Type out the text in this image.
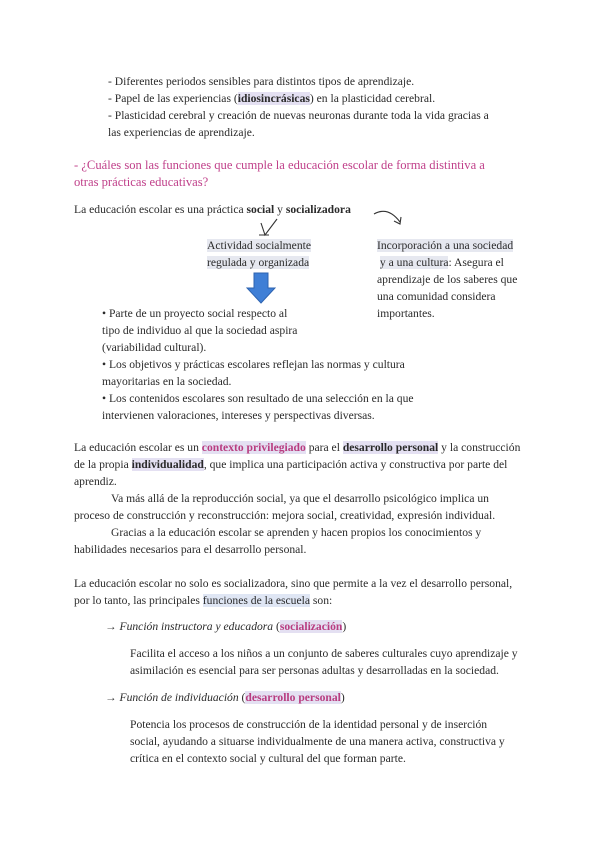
- Diferentes periodos sensibles para distintos tipos de aprendizaje.
- Papel de las experiencias (idiosincrásicas) en la plasticidad cerebral.
- Plasticidad cerebral y creación de nuevas neuronas durante toda la vida gracias a
las experiencias de aprendizaje.
- ¿Cuáles son las funciones que cumple la educación escolar de forma distintiva a
otras prácticas educativas?
La educación escolar es una práctica social y socializadora
Actividad socialmente
regulada y organizada
Incorporación a una sociedad
y a una cultura: Asegura el
aprendizaje de los saberes que
una comunidad considera
importantes.
• Parte de un proyecto social respecto al
tipo de individuo al que la sociedad aspira
(variabilidad cultural).
• Los objetivos y prácticas escolares reflejan las normas y cultura
mayoritarias en la sociedad.
• Los contenidos escolares son resultado de una selección en la que
intervienen valoraciones, intereses y perspectivas diversas.
La educación escolar es un contexto privilegiado para el desarrollo personal y la construcción
de la propia individualidad, que implica una participación activa y constructiva por parte del
aprendiz.
Va más allá de la reproducción social, ya que el desarrollo psicológico implica un
proceso de construcción y reconstrucción: mejora social, creatividad, expresión individual.
Gracias a la educación escolar se aprenden y hacen propios los conocimientos y
habilidades necesarios para el desarrollo personal.
La educación escolar no solo es socializadora, sino que permite a la vez el desarrollo personal,
por lo tanto, las principales funciones de la escuela son:
→ Función instructora y educadora (socialización)
Facilita el acceso a los niños a un conjunto de saberes culturales cuyo aprendizaje y
asimilación es esencial para ser personas adultas y desarrolladas en la sociedad.
→ Función de individuación (desarrollo personal)
Potencia los procesos de construcción de la identidad personal y de inserción
social, ayudando a situarse individualmente de una manera activa, constructiva y
crítica en el contexto social y cultural del que forman parte.
